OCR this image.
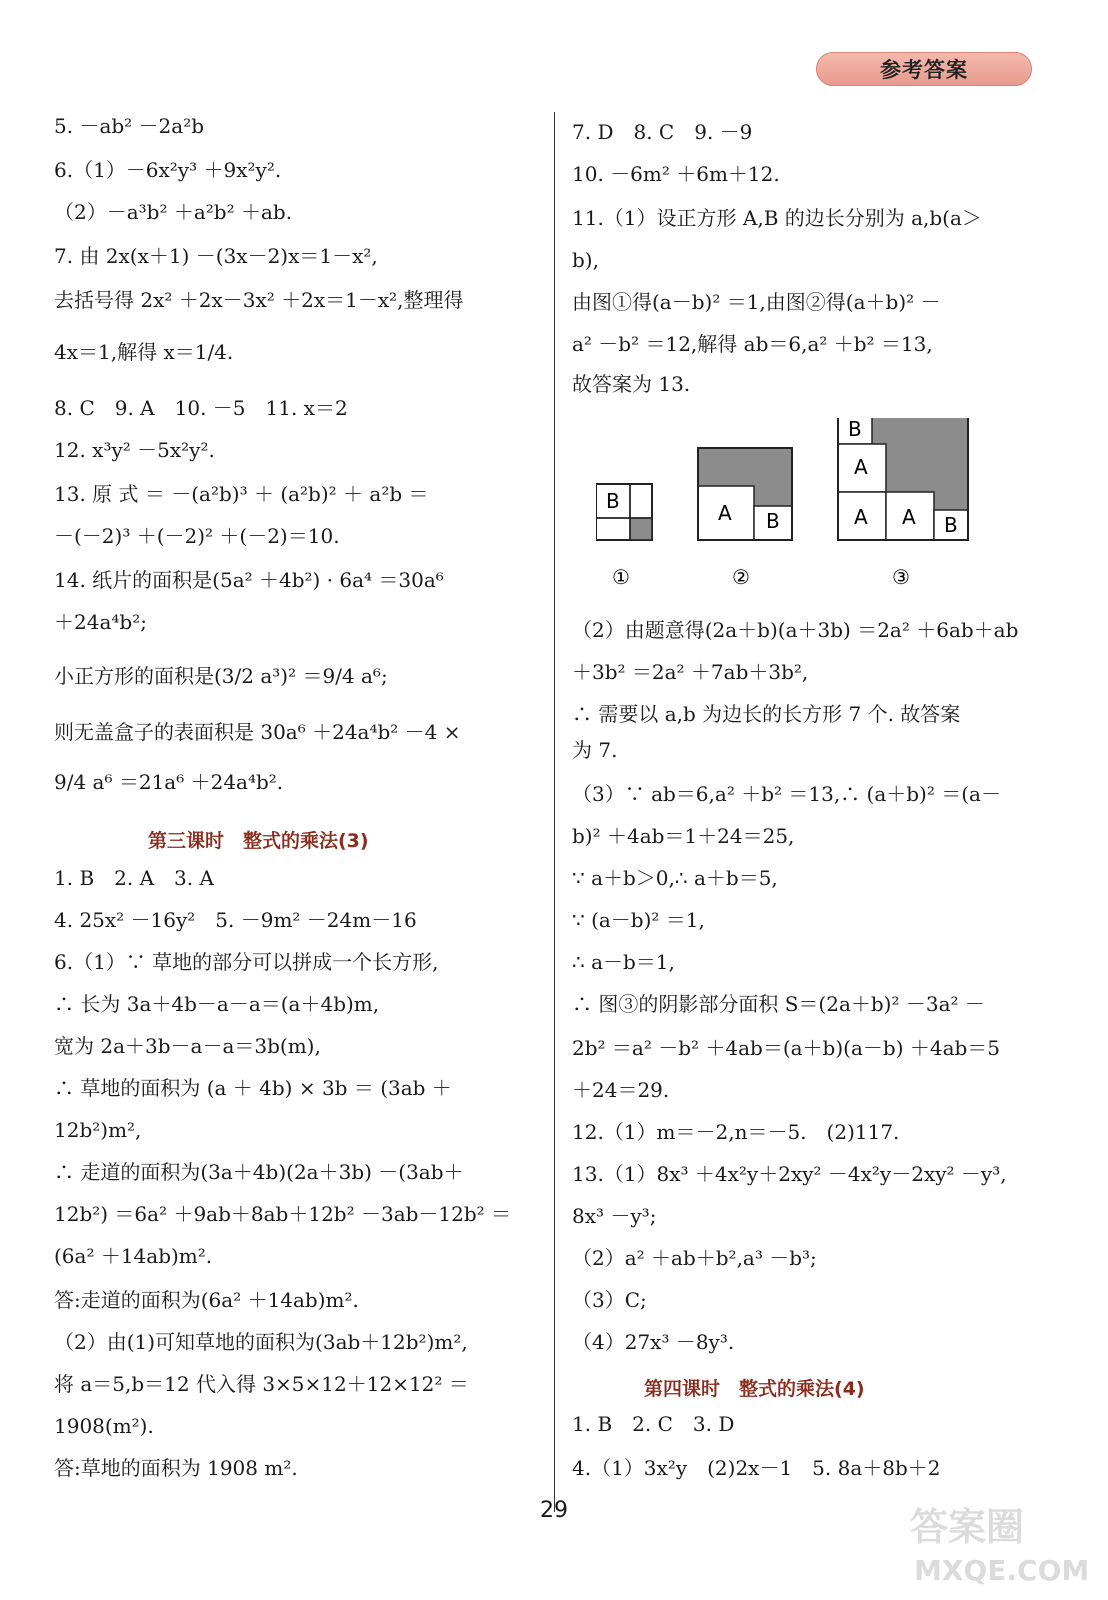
参考答案
5. －ab² －2a²b
6.（1）－6x²y³ ＋9x²y².
（2）－a³b² ＋a²b² ＋ab.
7. 由 2x(x＋1) －(3x－2)x＝1－x²,
去括号得 2x² ＋2x－3x² ＋2x＝1－x²,整理得
4x＝1,解得 x＝1/4.
8. C　9. A　10. －5　11. x＝2
12. x³y² －5x²y².
13. 原 式 ＝ －(a²b)³ ＋ (a²b)² ＋ a²b ＝
－(－2)³ ＋(－2)² ＋(－2)＝10.
14. 纸片的面积是(5a² ＋4b²) · 6a⁴ ＝30a⁶
＋24a⁴b²;
小正方形的面积是(3/2 a³)² ＝9/4 a⁶;
则无盖盒子的表面积是 30a⁶ ＋24a⁴b² －4 ×
9/4 a⁶ ＝21a⁶ ＋24a⁴b².
第三课时　整式的乘法(3)
1. B　2. A　3. A
4. 25x² －16y²　5. －9m² －24m－16
6.（1）∵ 草地的部分可以拼成一个长方形,
∴ 长为 3a＋4b－a－a＝(a＋4b)m,
宽为 2a＋3b－a－a＝3b(m),
∴ 草地的面积为 (a ＋ 4b) × 3b ＝ (3ab ＋
12b²)m²,
∴ 走道的面积为(3a＋4b)(2a＋3b) －(3ab＋
12b²) ＝6a² ＋9ab＋8ab＋12b² －3ab－12b² ＝
(6a² ＋14ab)m².
答:走道的面积为(6a² ＋14ab)m².
（2）由(1)可知草地的面积为(3ab＋12b²)m²,
将 a＝5,b＝12 代入得 3×5×12＋12×12² ＝
1908(m²).
答:草地的面积为 1908 m².
7. D　8. C　9. －9
10. －6m² ＋6m＋12.
11.（1）设正方形 A,B 的边长分别为 a,b(a＞
b),
由图①得(a－b)² ＝1,由图②得(a＋b)² －
a² －b² ＝12,解得 ab＝6,a² ＋b² ＝13,
故答案为 13.
（2）由题意得(2a＋b)(a＋3b) ＝2a² ＋6ab＋ab
＋3b² ＝2a² ＋7ab＋3b²,
∴ 需要以 a,b 为边长的长方形 7 个. 故答案
为 7.
（3）∵ ab＝6,a² ＋b² ＝13,∴ (a＋b)² ＝(a－
b)² ＋4ab＝1＋24＝25,
∵ a＋b＞0,∴ a＋b＝5,
∵ (a－b)² ＝1,
∴ a－b＝1,
∴ 图③的阴影部分面积 S＝(2a＋b)² －3a² －
2b² ＝a² －b² ＋4ab＝(a＋b)(a－b) ＋4ab＝5
＋24＝29.
12.（1）m＝－2,n＝－5.　(2)117.
13.（1）8x³ ＋4x²y＋2xy² －4x²y－2xy² －y³,
8x³ －y³;
（2）a² ＋ab＋b²,a³ －b³;
（3）C;
（4）27x³ －8y³.
第四课时　整式的乘法(4)
1. B　2. C　3. D
4.（1）3x²y　(2)2x－1　5. 8a＋8b＋2
B
①
A B
②
B
A
A A B
③
29	答案圈
MXQE.COM
